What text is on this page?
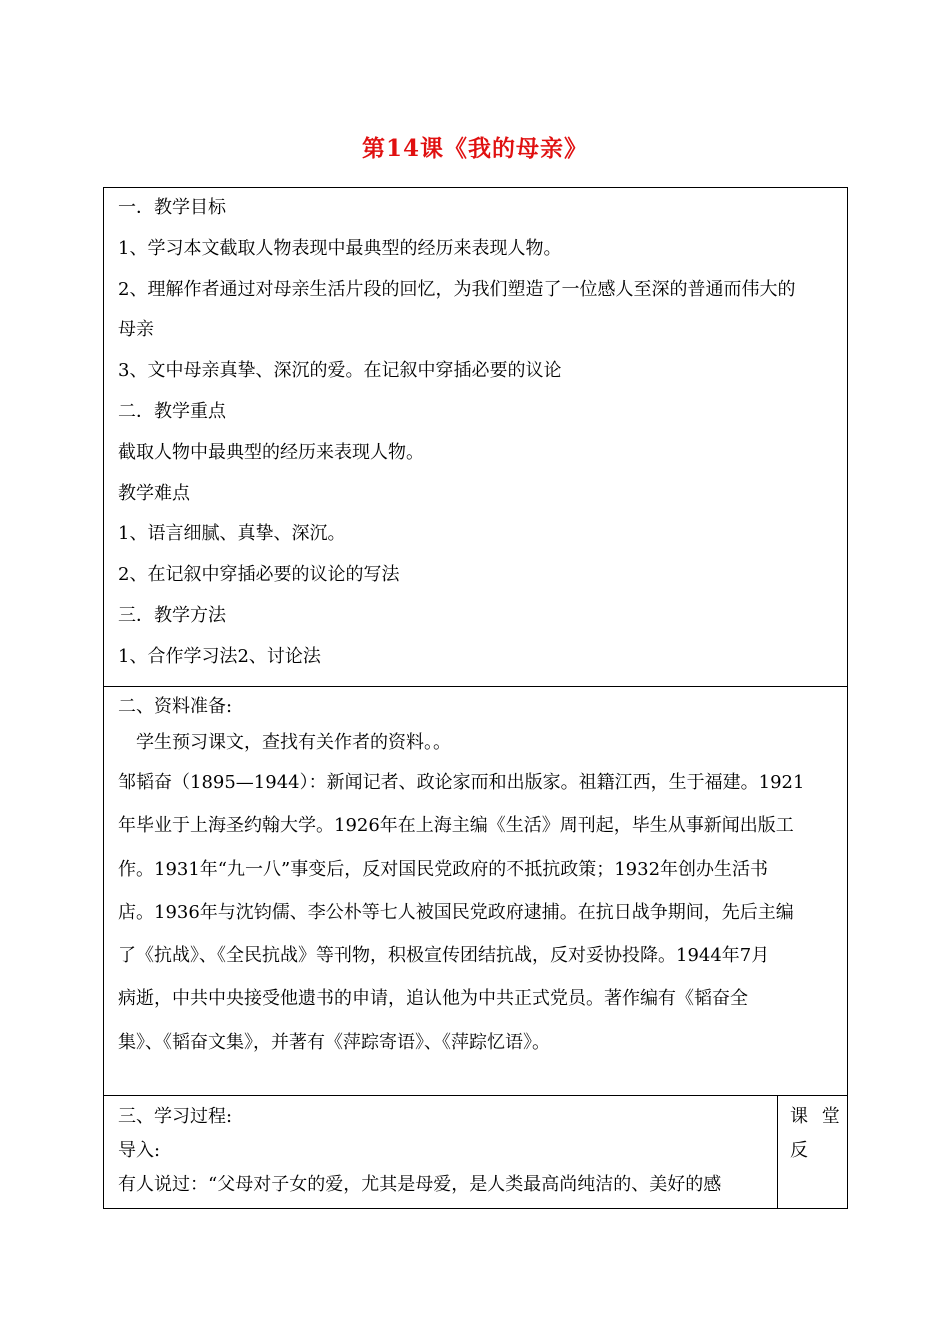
第14课《我的母亲》
一．教学目标
1、学习本文截取人物表现中最典型的经历来表现人物。
2、理解作者通过对母亲生活片段的回忆，为我们塑造了一位感人至深的普通而伟大的
母亲
3、文中母亲真挚、深沉的爱。在记叙中穿插必要的议论
二．教学重点
截取人物中最典型的经历来表现人物。
教学难点
1、语言细腻、真挚、深沉。
2、在记叙中穿插必要的议论的写法
三．教学方法
1、合作学习法2、讨论法

二、资料准备:
学生预习课文，查找有关作者的资料。。
邹韬奋（1895—1944）：新闻记者、政论家而和出版家。祖籍江西，生于福建。1921
年毕业于上海圣约翰大学。1926年在上海主编《生活》周刊起，毕生从事新闻出版工
作。1931年“九一八”事变后，反对国民党政府的不抵抗政策；1932年创办生活书
店。1936年与沈钧儒、李公朴等七人被国民党政府逮捕。在抗日战争期间，先后主编
了《抗战》、《全民抗战》等刊物，积极宣传团结抗战，反对妥协投降。1944年7月
病逝，中共中央接受他遗书的申请，追认他为中共正式党员。著作编有《韬奋全
集》、《韬奋文集》，并著有《萍踪寄语》、《萍踪忆语》。

三、学习过程:
导入:
有人说过：“父母对子女的爱，尤其是母爱，是人类最高尚纯洁的、美好的感

课 堂
反
